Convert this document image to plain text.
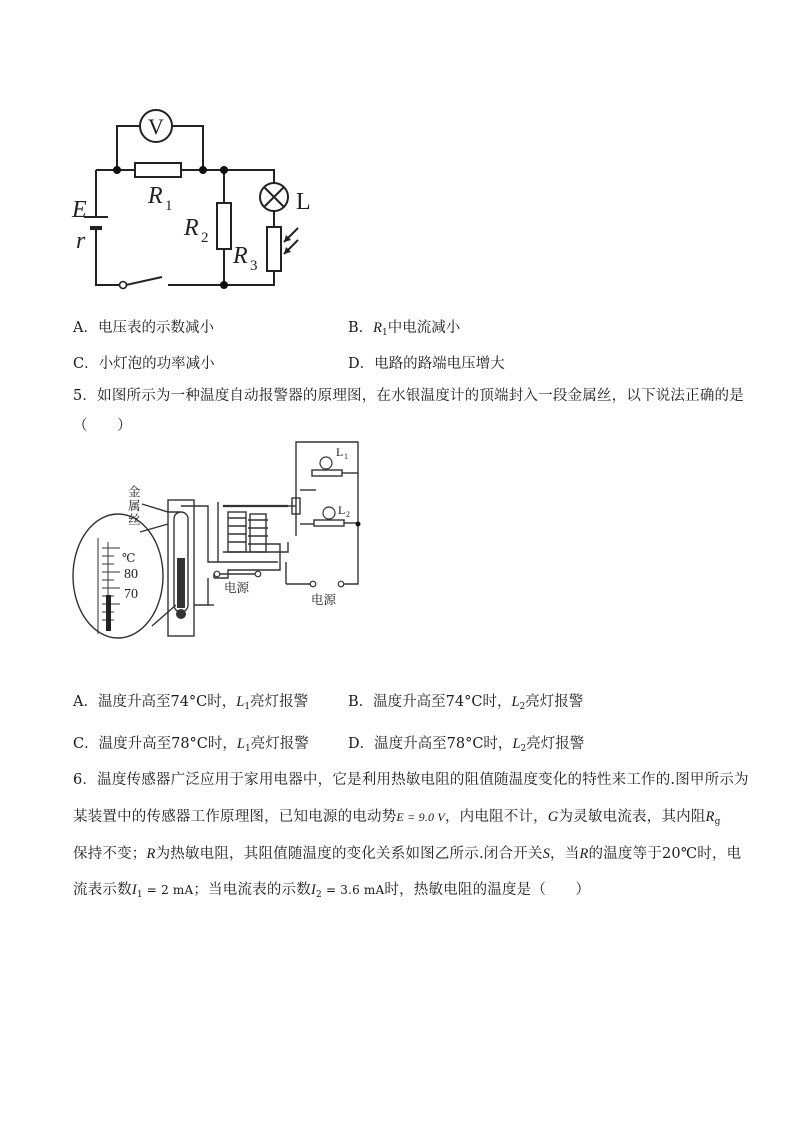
V
E
r
R 1
R 2
R 3
L
A．电压表的示数减小	B．$R_1$中电流减小
C．小灯泡的功率减小	D．电路的路端电压增大
5．如图所示为一种温度自动报警器的原理图，在水银温度计的顶端封入一段金属丝，以下说法正确的是
（　　）
金
属
丝
电源
电源
℃
80
70
L 1
L 2
A．温度升高至74°C时，$L_1$亮灯报警	B．温度升高至74°C时，$L_2$亮灯报警
C．温度升高至78°C时，$L_1$亮灯报警	D．温度升高至78°C时，$L_2$亮灯报警
6．温度传感器广泛应用于家用电器中，它是利用热敏电阻的阻值随温度变化的特性来工作的.图甲所示为
某装置中的传感器工作原理图，已知电源的电动势E = 9.0 V，内电阻不计，G为灵敏电流表，其内阻$R_g$
保持不变；R为热敏电阻，其阻值随温度的变化关系如图乙所示.闭合开关S，当R的温度等于20℃时，电
流表示数$I_1 = 2$ mA；当电流表的示数$I_2 = 3.6$ mA时，热敏电阻的温度是（　　）
